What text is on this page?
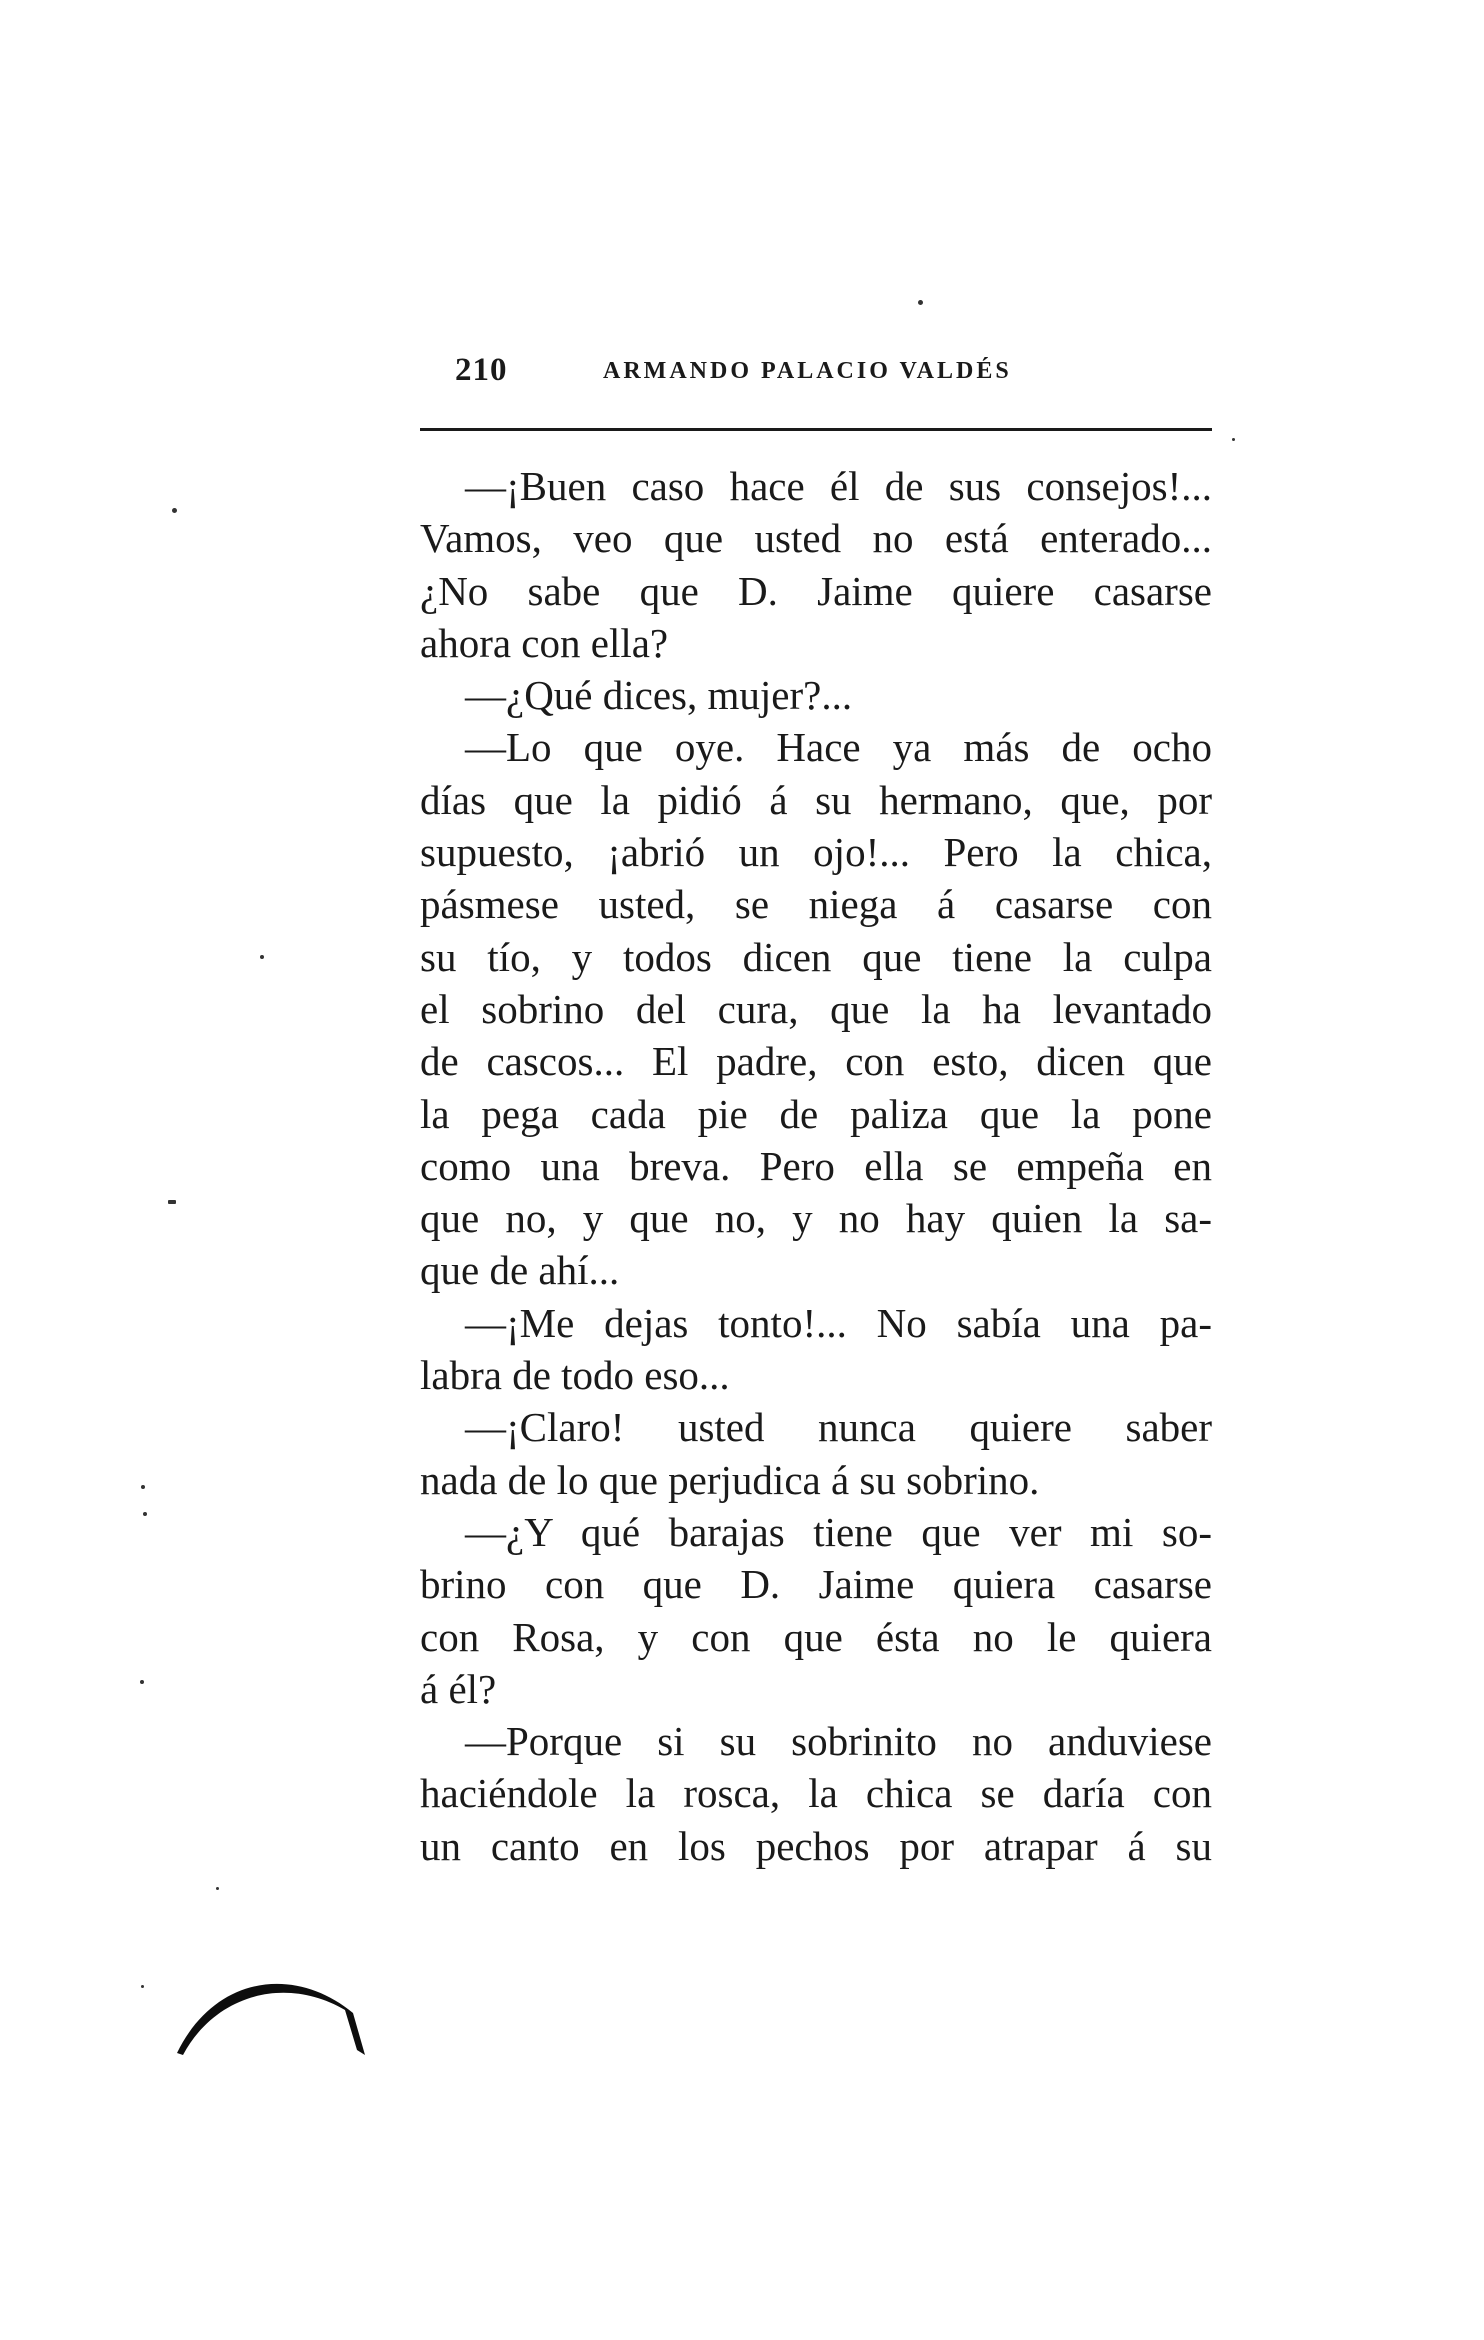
210	ARMANDO PALACIO VALDÉS
—¡Buen caso hace él de sus consejos!...
Vamos, veo que usted no está enterado...
¿No sabe que D. Jaime quiere casarse
ahora con ella?
—¿Qué dices, mujer?...
—Lo que oye. Hace ya más de ocho
días que la pidió á su hermano, que, por
supuesto, ¡abrió un ojo!... Pero la chica,
pásmese usted, se niega á casarse con
su tío, y todos dicen que tiene la culpa
el sobrino del cura, que la ha levantado
de cascos... El padre, con esto, dicen que
la pega cada pie de paliza que la pone
como una breva. Pero ella se empeña en
que no, y que no, y no hay quien la sa-
que de ahí...
—¡Me dejas tonto!... No sabía una pa-
labra de todo eso...
—¡Claro! usted nunca quiere saber
nada de lo que perjudica á su sobrino.
—¿Y qué barajas tiene que ver mi so-
brino con que D. Jaime quiera casarse
con Rosa, y con que ésta no le quiera
á él?
—Porque si su sobrinito no anduviese
haciéndole la rosca, la chica se daría con
un canto en los pechos por atrapar á su
